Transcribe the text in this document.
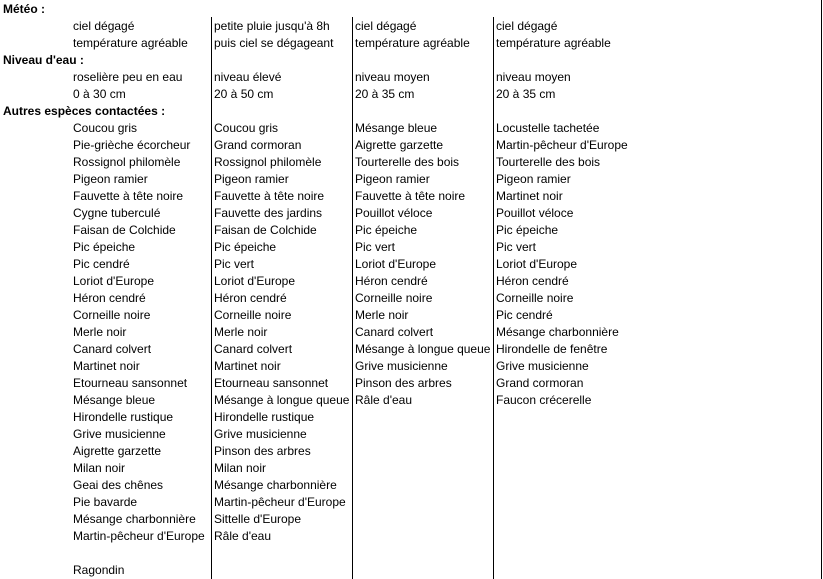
Météo :
Niveau d'eau :
Autres espèces contactées :
ciel dégagé
température agréable
petite pluie jusqu'à 8h
puis ciel se dégageant
ciel dégagé
température agréable
ciel dégagé
température agréable
roselière peu en eau
0 à 30 cm
niveau élevé
20 à 50 cm
niveau moyen
20 à 35 cm
niveau moyen
20 à 35 cm
Coucou gris
Pie-grièche écorcheur
Rossignol philomèle
Pigeon ramier
Fauvette à tête noire
Cygne tuberculé
Faisan de Colchide
Pic épeiche
Pic cendré
Loriot d'Europe
Héron cendré
Corneille noire
Merle noir
Canard colvert
Martinet noir
Etourneau sansonnet
Mésange bleue
Hirondelle rustique
Grive musicienne
Aigrette garzette
Milan noir
Geai des chênes
Pie bavarde
Mésange charbonnière
Martin-pêcheur d'Europe
Ragondin
Coucou gris
Grand cormoran
Rossignol philomèle
Pigeon ramier
Fauvette à tête noire
Fauvette des jardins
Faisan de Colchide
Pic épeiche
Pic vert
Loriot d'Europe
Héron cendré
Corneille noire
Merle noir
Canard colvert
Martinet noir
Etourneau sansonnet
Mésange à longue queue
Hirondelle rustique
Grive musicienne
Pinson des arbres
Milan noir
Mésange charbonnière
Martin-pêcheur d'Europe
Sittelle d'Europe
Râle d'eau
Mésange bleue
Aigrette garzette
Tourterelle des bois
Pigeon ramier
Fauvette à tête noire
Pouillot véloce
Pic épeiche
Pic vert
Loriot d'Europe
Héron cendré
Corneille noire
Merle noir
Canard colvert
Mésange à longue queue
Grive musicienne
Pinson des arbres
Râle d'eau
Locustelle tachetée
Martin-pêcheur d'Europe
Tourterelle des bois
Pigeon ramier
Martinet noir
Pouillot véloce
Pic épeiche
Pic vert
Loriot d'Europe
Héron cendré
Corneille noire
Pic cendré
Mésange charbonnière
Hirondelle de fenêtre
Grive musicienne
Grand cormoran
Faucon crécerelle
